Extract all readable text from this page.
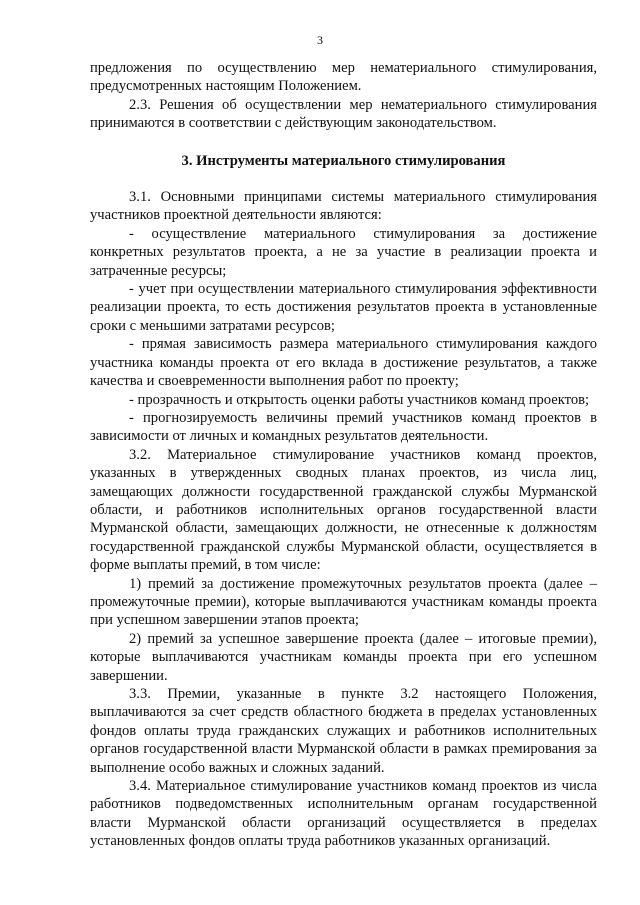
3

предложения по осуществлению мер нематериального стимулирования, предусмотренных настоящим Положением.

2.3. Решения об осуществлении мер нематериального стимулирования принимаются в соответствии с действующим законодательством.

3. Инструменты материального стимулирования

3.1. Основными принципами системы материального стимулирования участников проектной деятельности являются:

- осуществление материального стимулирования за достижение конкретных результатов проекта, а не за участие в реализации проекта и затраченные ресурсы;

- учет при осуществлении материального стимулирования эффективности реализации проекта, то есть достижения результатов проекта в установленные сроки с меньшими затратами ресурсов;

- прямая зависимость размера материального стимулирования каждого участника команды проекта от его вклада в достижение результатов, а также качества и своевременности выполнения работ по проекту;

- прозрачность и открытость оценки работы участников команд проектов;

- прогнозируемость величины премий участников команд проектов в зависимости от личных и командных результатов деятельности.

3.2. Материальное стимулирование участников команд проектов, указанных в утвержденных сводных планах проектов, из числа лиц, замещающих должности государственной гражданской службы Мурманской области, и работников исполнительных органов государственной власти Мурманской области, замещающих должности, не отнесенные к должностям государственной гражданской службы Мурманской области, осуществляется в форме выплаты премий, в том числе:

1) премий за достижение промежуточных результатов проекта (далее – промежуточные премии), которые выплачиваются участникам команды проекта при успешном завершении этапов проекта;

2) премий за успешное завершение проекта (далее – итоговые премии), которые выплачиваются участникам команды проекта при его успешном завершении.

3.3. Премии, указанные в пункте 3.2 настоящего Положения, выплачиваются за счет средств областного бюджета в пределах установленных фондов оплаты труда гражданских служащих и работников исполнительных органов государственной власти Мурманской области в рамках премирования за выполнение особо важных и сложных заданий.

3.4. Материальное стимулирование участников команд проектов из числа работников подведомственных исполнительным органам государственной власти Мурманской области организаций осуществляется в пределах установленных фондов оплаты труда работников указанных организаций.
